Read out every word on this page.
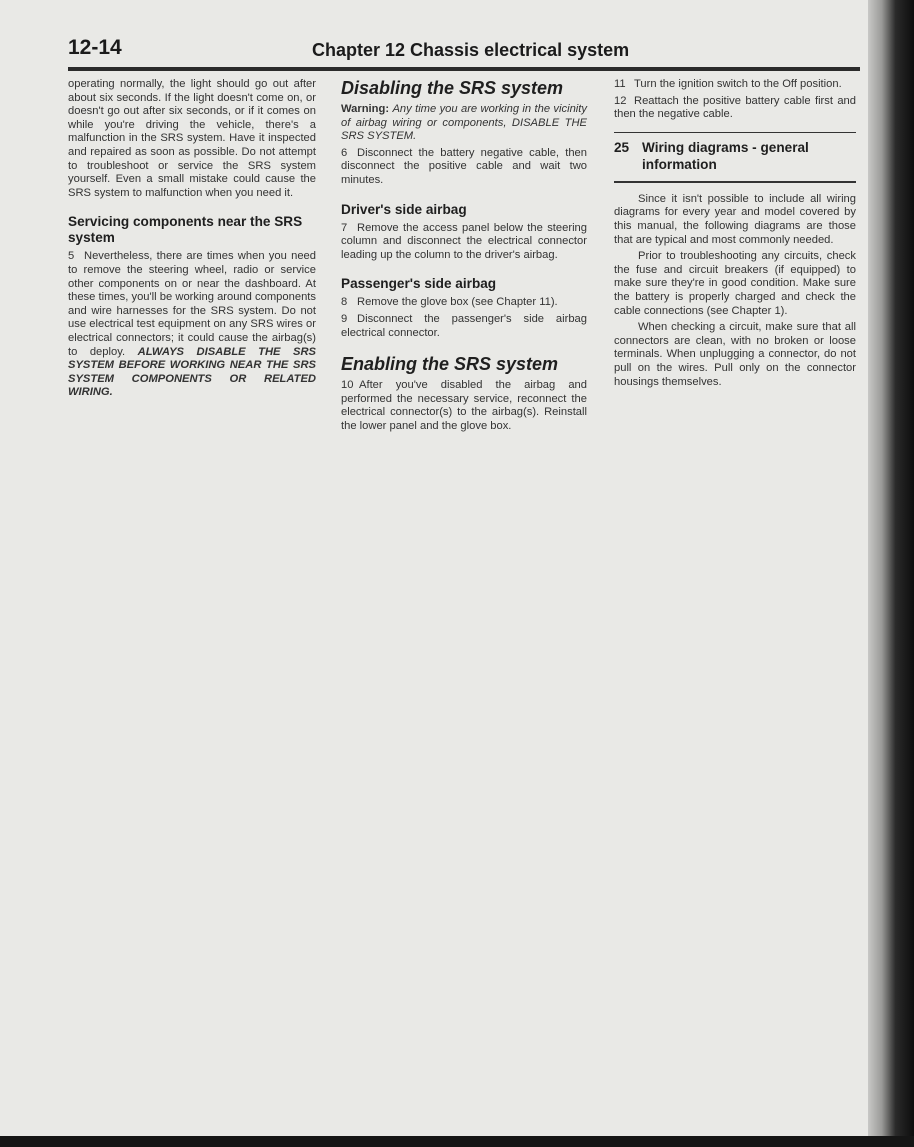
12-14	Chapter 12 Chassis electrical system

operating normally, the light should go out after about six seconds. If the light doesn't come on, or doesn't go out after six seconds, or if it comes on while you're driving the vehicle, there's a malfunction in the SRS system. Have it inspected and repaired as soon as possible. Do not attempt to troubleshoot or service the SRS system yourself. Even a small mistake could cause the SRS system to malfunction when you need it.

Servicing components near the SRS system

5 Nevertheless, there are times when you need to remove the steering wheel, radio or service other components on or near the dashboard. At these times, you'll be working around components and wire harnesses for the SRS system. Do not use electrical test equipment on any SRS wires or electrical connectors; it could cause the airbag(s) to deploy. ALWAYS DISABLE THE SRS SYSTEM BEFORE WORKING NEAR THE SRS SYSTEM COMPONENTS OR RELATED WIRING.

Disabling the SRS system

Warning: Any time you are working in the vicinity of airbag wiring or components, DISABLE THE SRS SYSTEM.

6 Disconnect the battery negative cable, then disconnect the positive cable and wait two minutes.

Driver's side airbag

7 Remove the access panel below the steering column and disconnect the electrical connector leading up the column to the driver's airbag.

Passenger's side airbag

8 Remove the glove box (see Chapter 11).

9 Disconnect the passenger's side airbag electrical connector.

Enabling the SRS system

10 After you've disabled the airbag and performed the necessary service, reconnect the electrical connector(s) to the airbag(s). Reinstall the lower panel and the glove box.

11 Turn the ignition switch to the Off position.

12 Reattach the positive battery cable first and then the negative cable.

25 Wiring diagrams - general information

Since it isn't possible to include all wiring diagrams for every year and model covered by this manual, the following diagrams are those that are typical and most commonly needed.

Prior to troubleshooting any circuits, check the fuse and circuit breakers (if equipped) to make sure they're in good condition. Make sure the battery is properly charged and check the cable connections (see Chapter 1).

When checking a circuit, make sure that all connectors are clean, with no broken or loose terminals. When unplugging a connector, do not pull on the wires. Pull only on the connector housings themselves.
